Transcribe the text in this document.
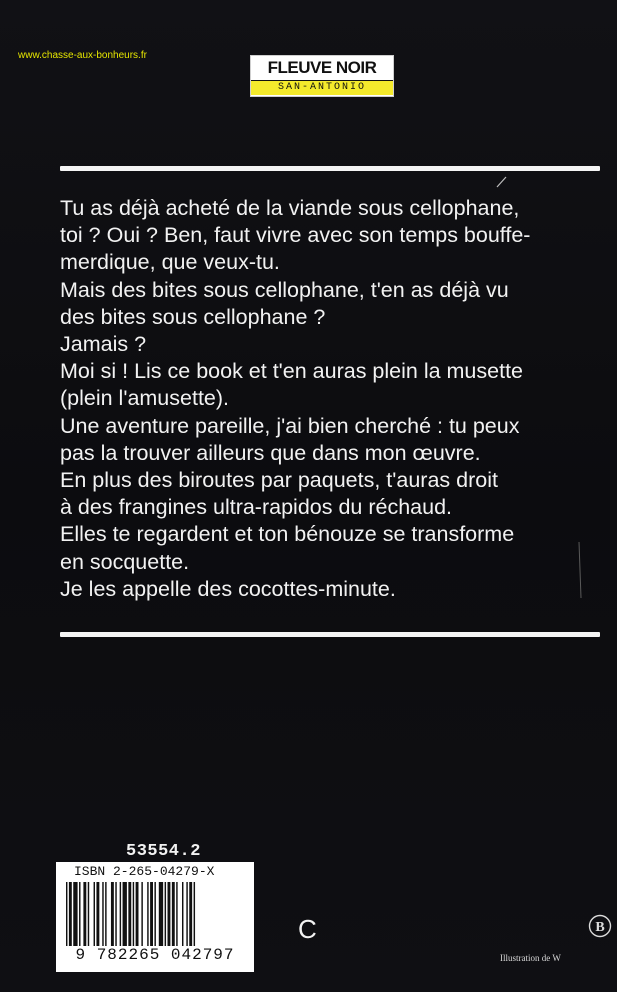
www.chasse-aux-bonheurs.fr
FLEUVE NOIR
SAN-ANTONIO

Tu as déjà acheté de la viande sous cellophane,

toi ? Oui ? Ben, faut vivre avec son temps bouffe-

merdique, que veux-tu.

Mais des bites sous cellophane, t'en as déjà vu

des bites sous cellophane ?

Jamais ?

Moi si ! Lis ce book et t'en auras plein la musette

(plein l'amusette).

Une aventure pareille, j'ai bien cherché : tu peux

pas la trouver ailleurs que dans mon œuvre.

En plus des biroutes par paquets, t'auras droit

à des frangines ultra-rapidos du réchaud.

Elles te regardent et ton bénouze se transforme

en socquette.

Je les appelle des cocottes-minute.

53554.2
ISBN 2-265-04279-X
9 782265 042797
C
Illustration de W
B
